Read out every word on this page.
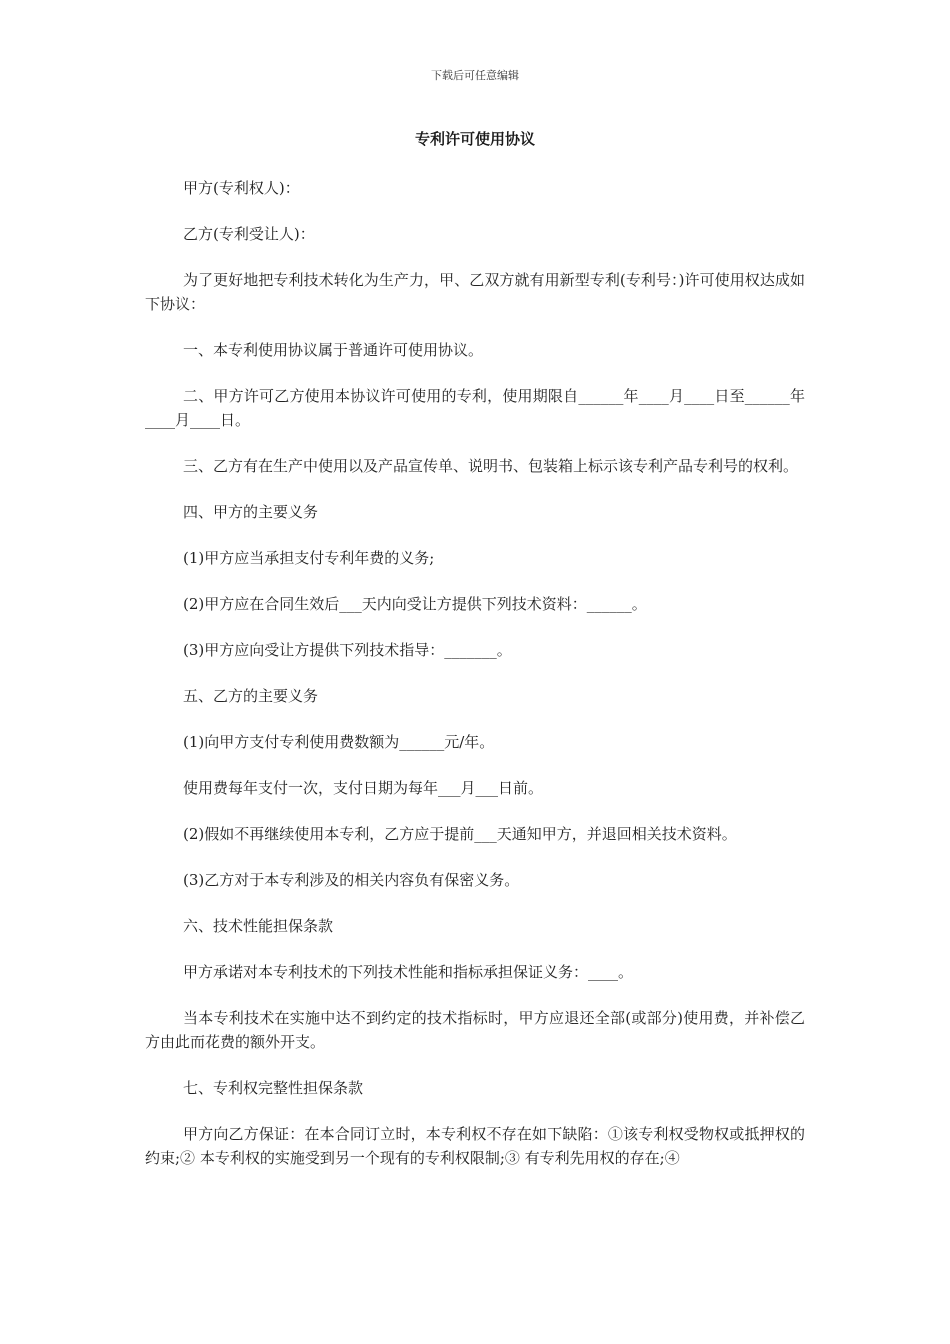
下载后可任意编辑
专利许可使用协议

甲方(专利权人)：

乙方(专利受让人)：

为了更好地把专利技术转化为生产力，甲、乙双方就有用新型专利(专利号：)许可使用权达成如下协议：

一、本专利使用协议属于普通许可使用协议。

二、甲方许可乙方使用本协议许可使用的专利，使用期限自______年____月____日至______年____月____日。

三、乙方有在生产中使用以及产品宣传单、说明书、包装箱上标示该专利产品专利号的权利。

四、甲方的主要义务

(1)甲方应当承担支付专利年费的义务;

(2)甲方应在合同生效后___天内向受让方提供下列技术资料：______。

(3)甲方应向受让方提供下列技术指导：_______。

五、乙方的主要义务

(1)向甲方支付专利使用费数额为______元/年。

使用费每年支付一次，支付日期为每年___月___日前。

(2)假如不再继续使用本专利，乙方应于提前___天通知甲方，并退回相关技术资料。

(3)乙方对于本专利涉及的相关内容负有保密义务。

六、技术性能担保条款

甲方承诺对本专利技术的下列技术性能和指标承担保证义务：____。

当本专利技术在实施中达不到约定的技术指标时，甲方应退还全部(或部分)使用费，并补偿乙方由此而花费的额外开支。

七、专利权完整性担保条款

甲方向乙方保证：在本合同订立时，本专利权不存在如下缺陷：①该专利权受物权或抵押权的约束;② 本专利权的实施受到另一个现有的专利权限制;③ 有专利先用权的存在;④
